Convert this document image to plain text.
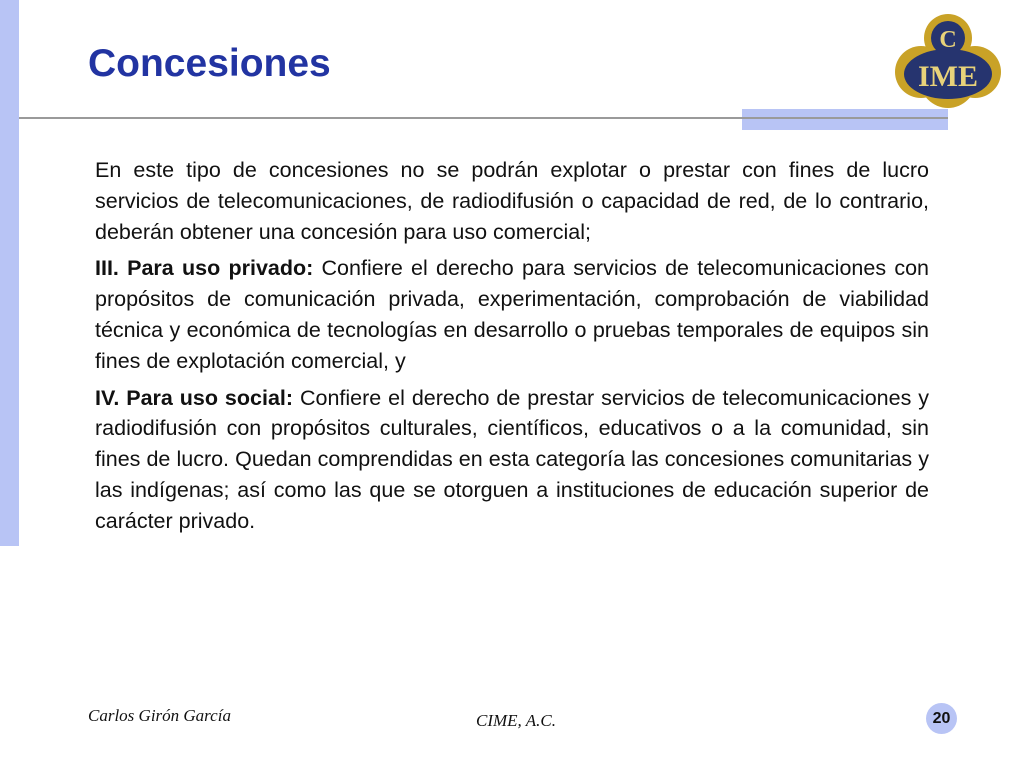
Concesiones
C
IME

En este tipo de concesiones no se podrán explotar o prestar con fines de lucro servicios de telecomunicaciones, de radiodifusión o capacidad de red, de lo contrario, deberán obtener una concesión para uso comercial;

III. Para uso privado: Confiere el derecho para servicios de telecomunicaciones con propósitos de comunicación privada, experimentación, comprobación de viabilidad técnica y económica de tecnologías en desarrollo o pruebas temporales de equipos sin fines de explotación comercial, y

IV. Para uso social: Confiere el derecho de prestar servicios de telecomunicaciones y radiodifusión con propósitos culturales, científicos, educativos o a la comunidad, sin fines de lucro. Quedan comprendidas en esta categoría las concesiones comunitarias y las indígenas; así como las que se otorguen a instituciones de educación superior de carácter privado.

Carlos Girón García	CIME, A.C.	20
